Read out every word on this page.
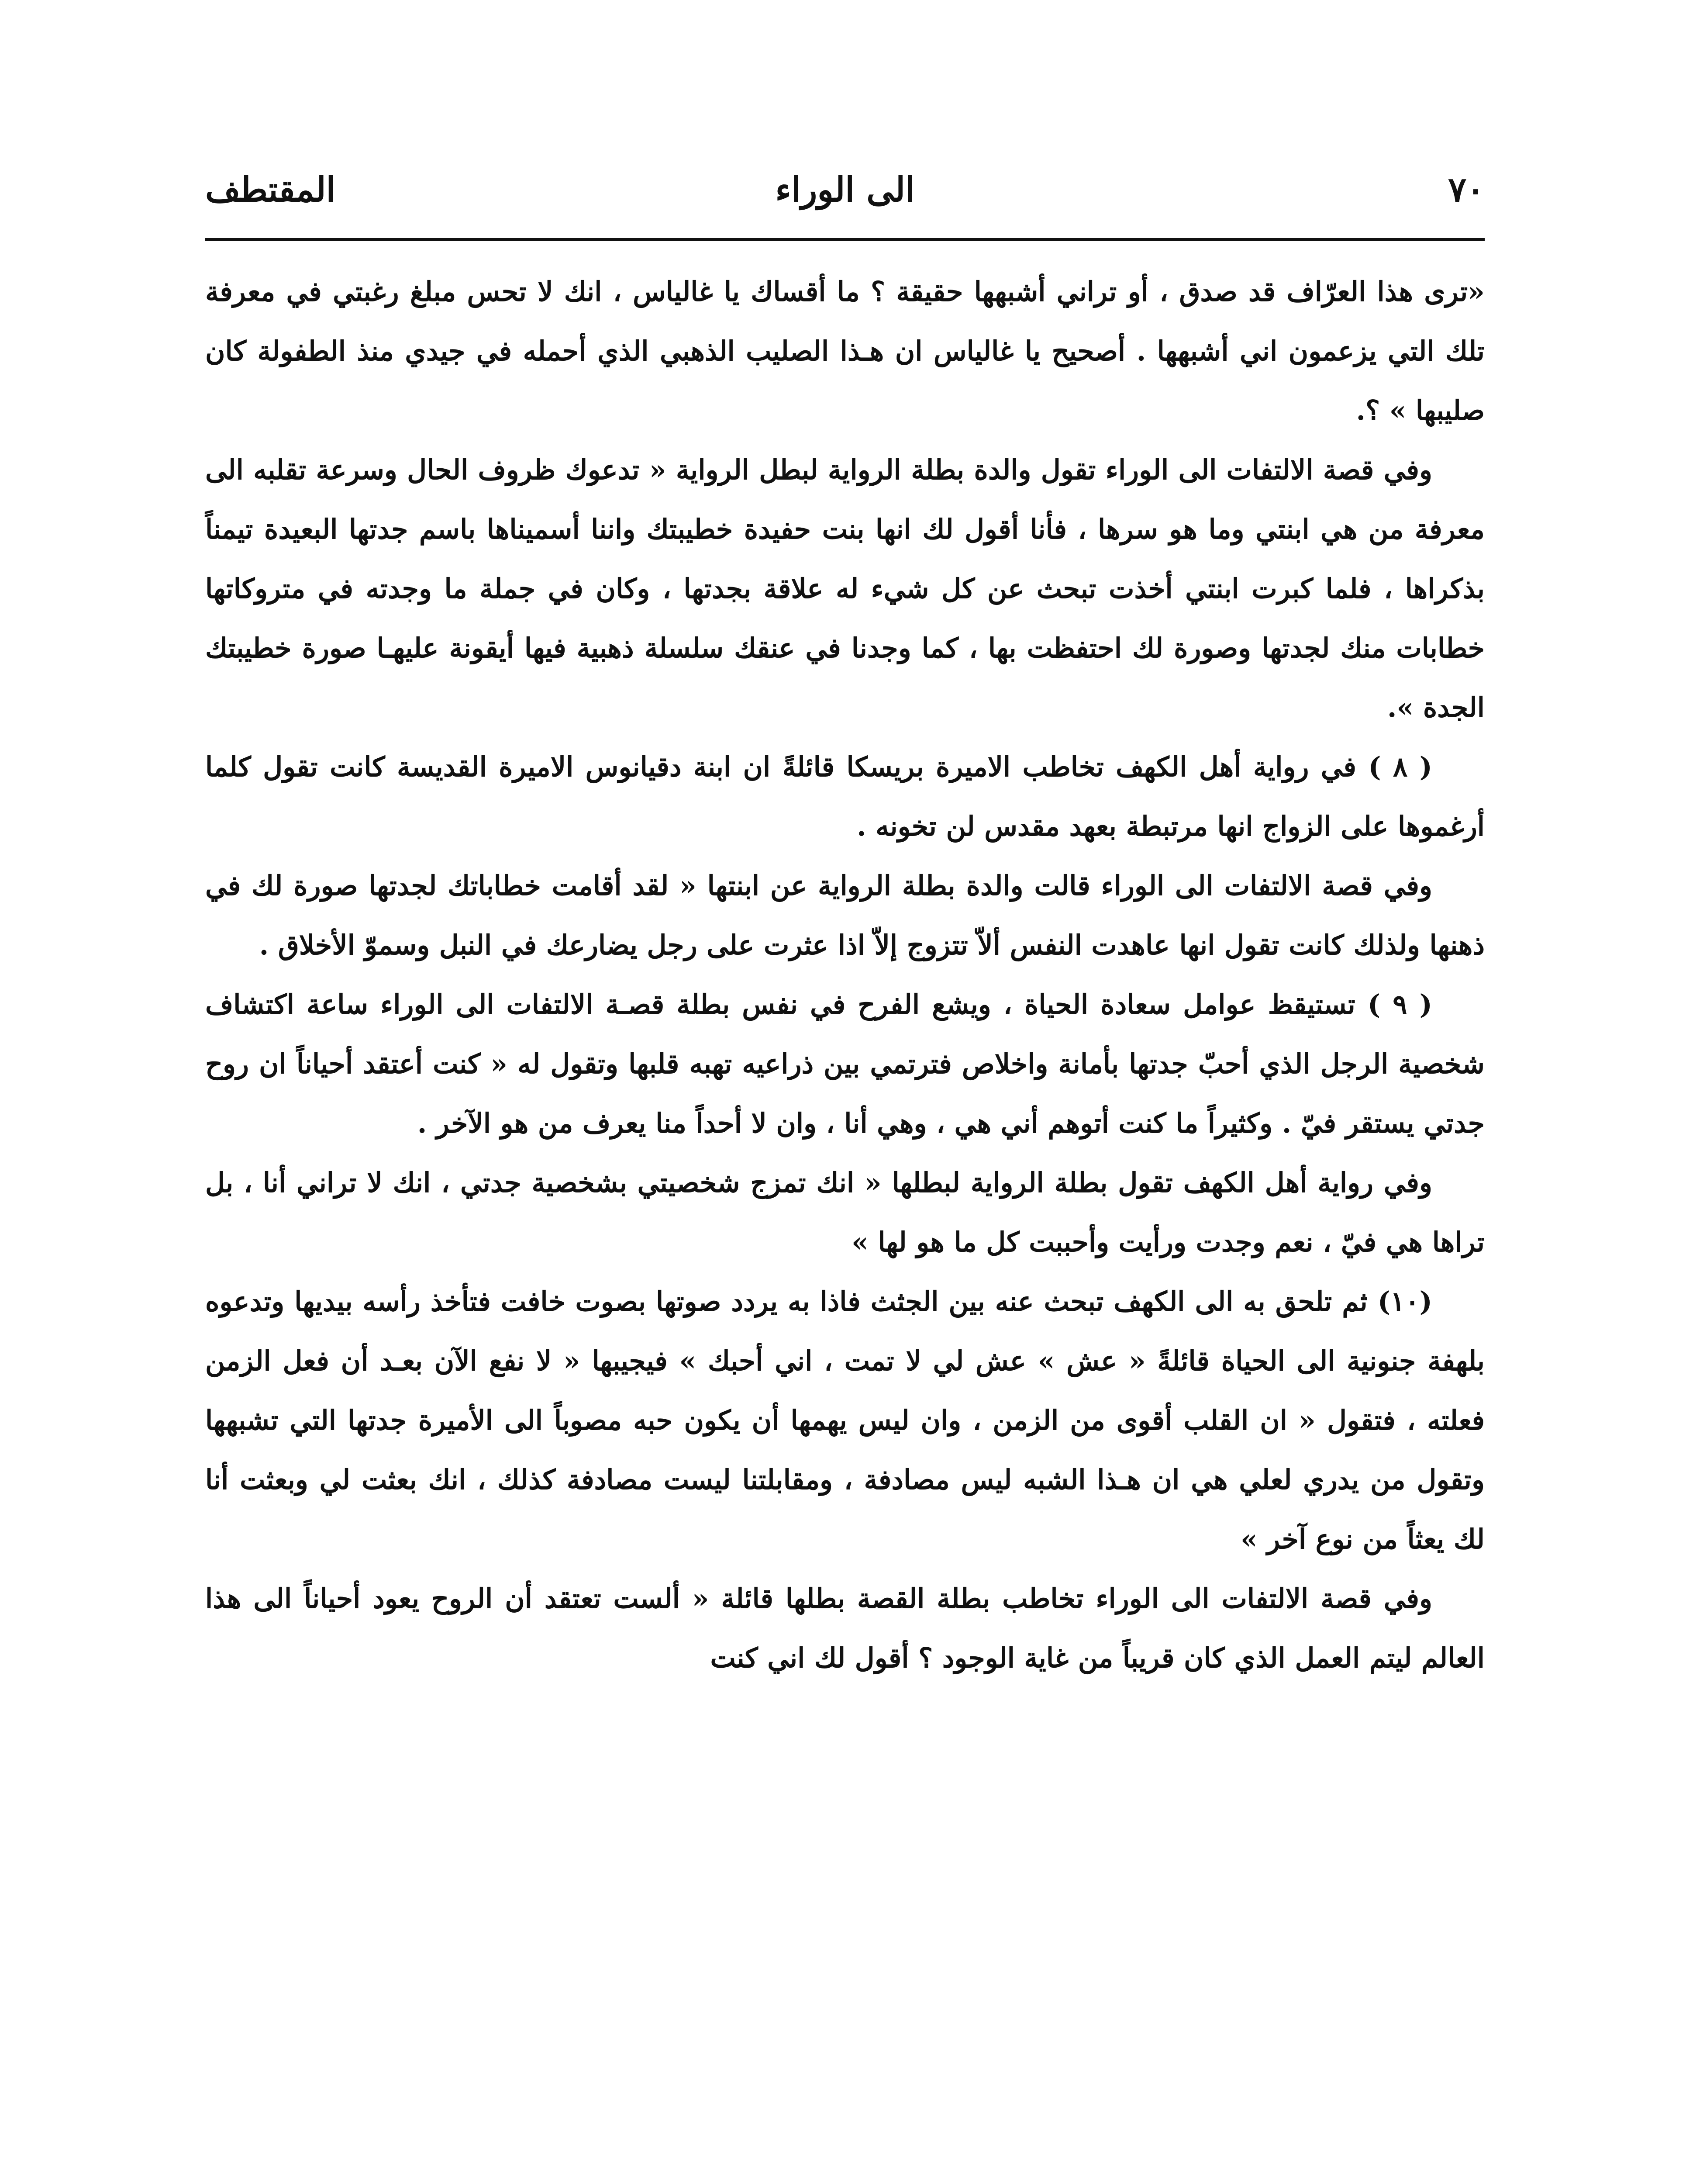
٧٠
الى الوراء
المقتطف

«ترى هذا العرّاف قد صدق ، أو تراني أشبهها حقيقة ؟ ما أقساك يا غالياس ، انك لا تحس مبلغ رغبتي في معرفة تلك التي يزعمون اني أشبهها . أصحيح يا غالياس ان هـذا الصليب الذهبي الذي أحمله في جيدي منذ الطفولة كان صليبها » ؟.

وفي قصة الالتفات الى الوراء تقول والدة بطلة الرواية لبطل الرواية « تدعوك ظروف الحال وسرعة تقلبه الى معرفة من هي ابنتي وما هو سرها ، فأنا أقول لك انها بنت حفيدة خطيبتك واننا أسميناها باسم جدتها البعيدة تيمناً بذكراها ، فلما كبرت ابنتي أخذت تبحث عن كل شيء له علاقة بجدتها ، وكان في جملة ما وجدته في متروكاتها خطابات منك لجدتها وصورة لك احتفظت بها ، كما وجدنا في عنقك سلسلة ذهبية فيها أيقونة عليهـا صورة خطيبتك الجدة ».

( ٨ ) في رواية أهل الكهف تخاطب الاميرة بريسكا قائلةً ان ابنة دقيانوس الاميرة القديسة كانت تقول كلما أرغموها على الزواج انها مرتبطة بعهد مقدس لن تخونه .

وفي قصة الالتفات الى الوراء قالت والدة بطلة الرواية عن ابنتها « لقد أقامت خطاباتك لجدتها صورة لك في ذهنها ولذلك كانت تقول انها عاهدت النفس ألاّ تتزوج إلاّ اذا عثرت على رجل يضارعك في النبل وسموّ الأخلاق .

( ٩ ) تستيقظ عوامل سعادة الحياة ، ويشع الفرح في نفس بطلة قصـة الالتفات الى الوراء ساعة اكتشاف شخصية الرجل الذي أحبّ جدتها بأمانة واخلاص فترتمي بين ذراعيه تهبه قلبها وتقول له « كنت أعتقد أحياناً ان روح جدتي يستقر فيّ . وكثيراً ما كنت أتوهم أني هي ، وهي أنا ، وان لا أحداً منا يعرف من هو الآخر .

وفي رواية أهل الكهف تقول بطلة الرواية لبطلها « انك تمزج شخصيتي بشخصية جدتي ، انك لا تراني أنا ، بل تراها هي فيّ ، نعم وجدت ورأيت وأحببت كل ما هو لها »

(١٠) ثم تلحق به الى الكهف تبحث عنه بين الجثث فاذا به يردد صوتها بصوت خافت فتأخذ رأسه بيديها وتدعوه بلهفة جنونية الى الحياة قائلةً « عش » عش لي لا تمت ، اني أحبك » فيجيبها « لا نفع الآن بعـد أن فعل الزمن فعلته ، فتقول « ان القلب أقوى من الزمن ، وان ليس يهمها أن يكون حبه مصوباً الى الأميرة جدتها التي تشبهها وتقول من يدري لعلي هي ان هـذا الشبه ليس مصادفة ، ومقابلتنا ليست مصادفة كذلك ، انك بعثت لي وبعثت أنا لك يعثاً من نوع آخر »

وفي قصة الالتفات الى الوراء تخاطب بطلة القصة بطلها قائلة « ألست تعتقد أن الروح يعود أحياناً الى هذا العالم ليتم العمل الذي كان قريباً من غاية الوجود ؟ أقول لك اني كنت
